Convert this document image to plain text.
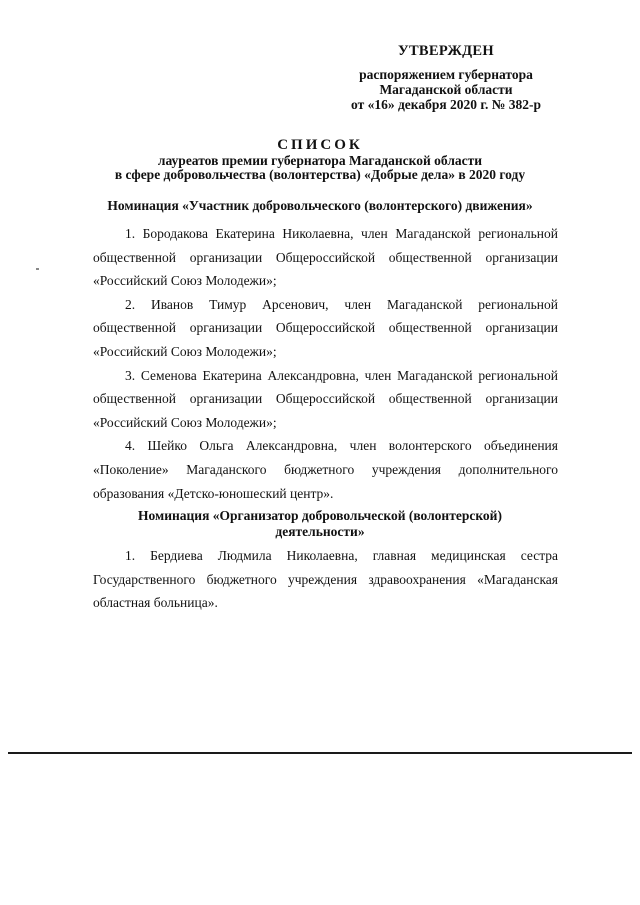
УТВЕРЖДЕН
распоряжением губернатора
Магаданской области
от «16» декабря 2020 г. № 382-р
СПИСОК
лауреатов премии губернатора Магаданской области
в сфере добровольчества (волонтерства) «Добрые дела» в 2020 году
Номинация «Участник добровольческого (волонтерского) движения»

1. Бородакова Екатерина Николаевна, член Магаданской региональной общественной организации Общероссийской общественной организации «Российский Союз Молодежи»;

2. Иванов Тимур Арсенович, член Магаданской региональной общественной организации Общероссийской общественной организации «Российский Союз Молодежи»;

3. Семенова Екатерина Александровна, член Магаданской региональной общественной организации Общероссийской общественной организации «Российский Союз Молодежи»;

4. Шейко Ольга Александровна, член волонтерского объединения «Поколение» Магаданского бюджетного учреждения дополнительного образования «Детско-юношеский центр».

Номинация «Организатор добровольческой (волонтерской)
деятельности»

1. Бердиева Людмила Николаевна, главная медицинская сестра Государственного бюджетного учреждения здравоохранения «Магаданская областная больница».
